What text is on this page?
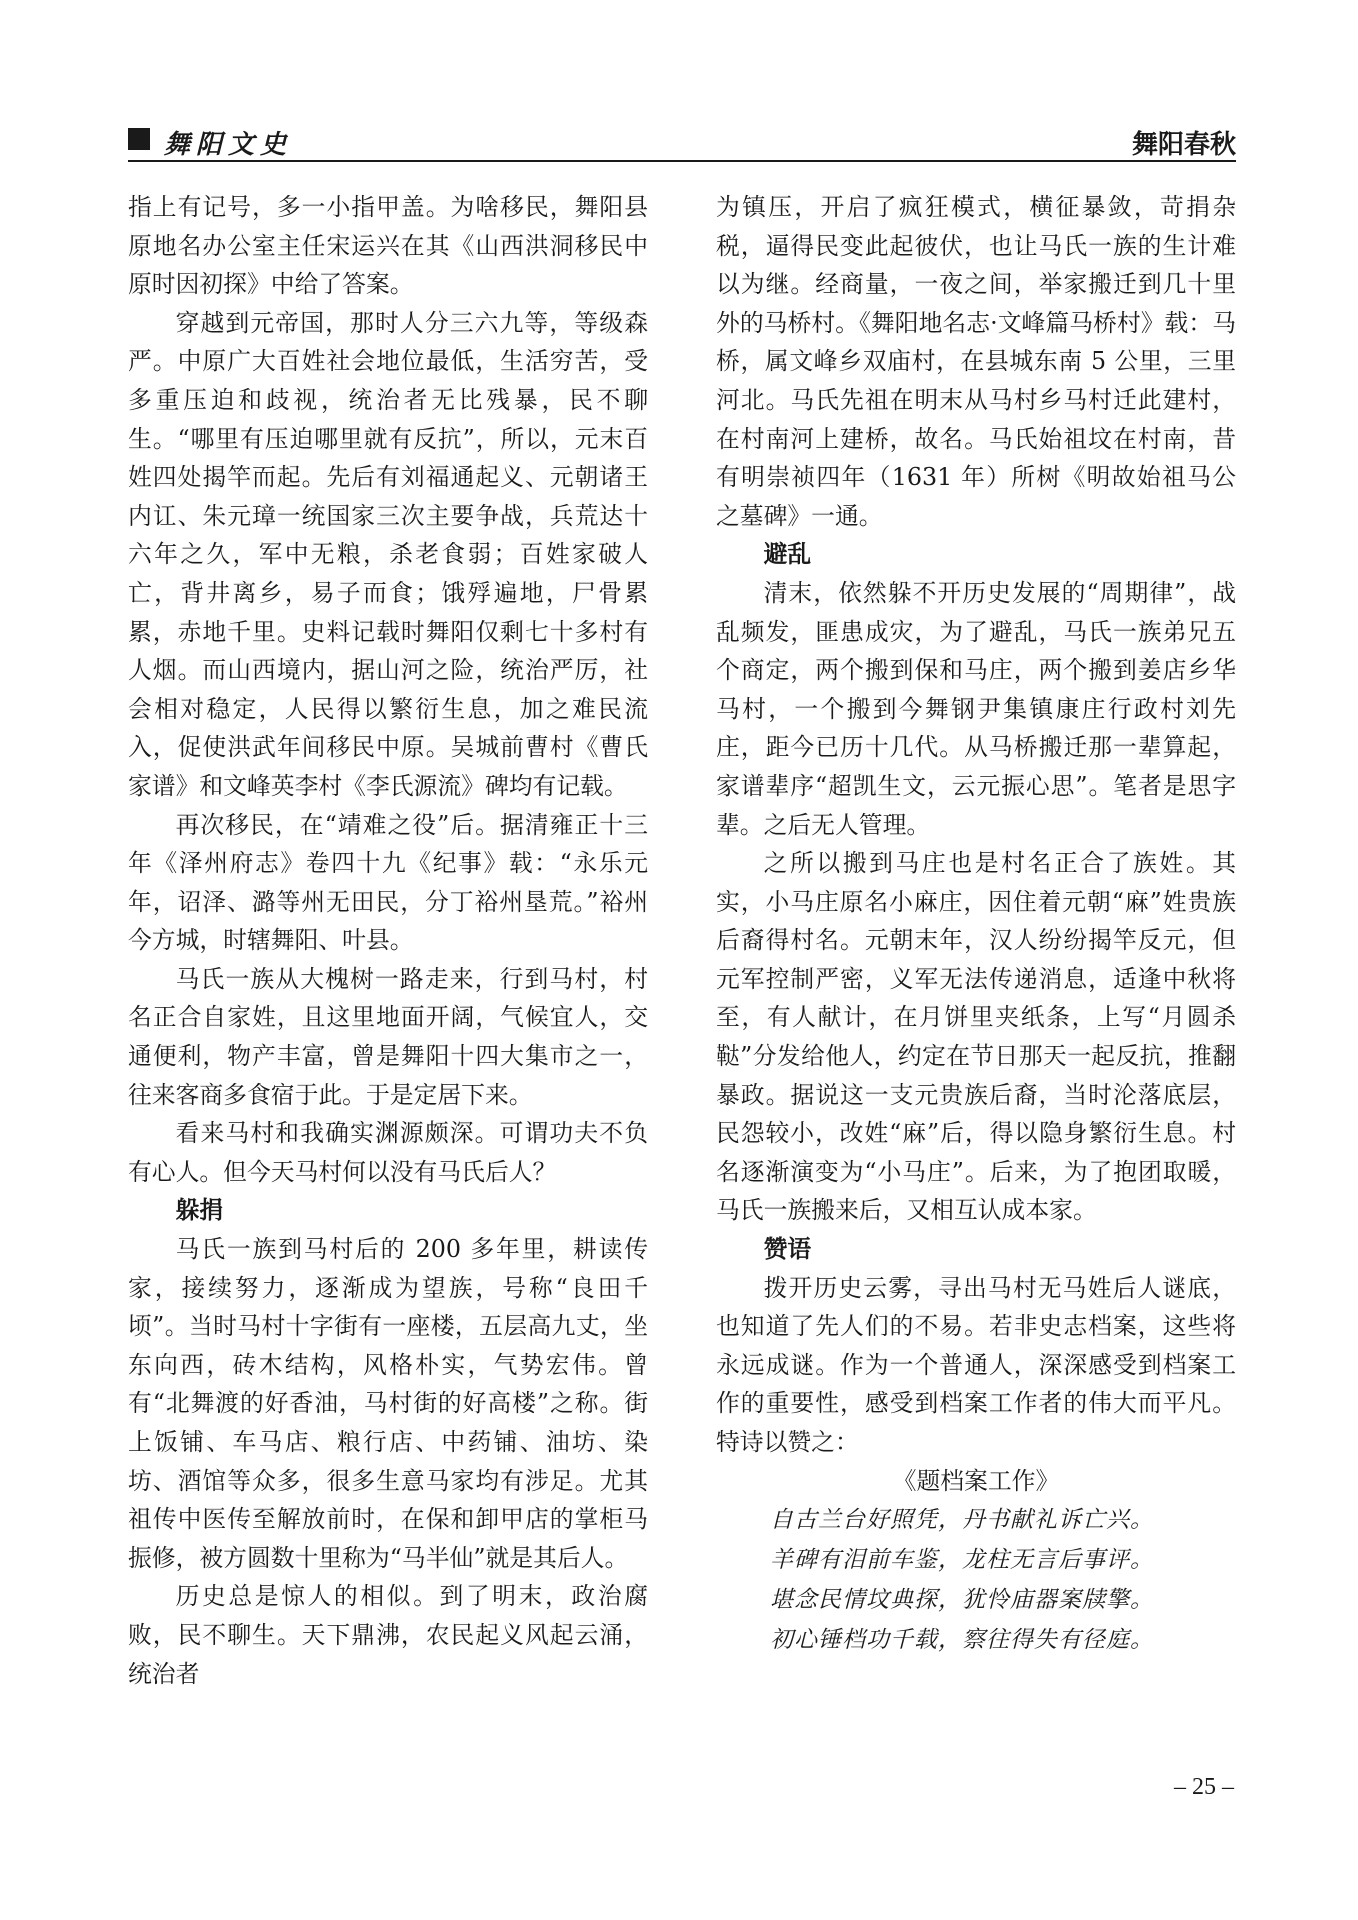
舞阳文史	舞阳春秋

指上有记号，多一小指甲盖。为啥移民，舞阳县原地名办公室主任宋运兴在其《山西洪洞移民中原时因初探》中给了答案。

穿越到元帝国，那时人分三六九等，等级森严。中原广大百姓社会地位最低，生活穷苦，受多重压迫和歧视，统治者无比残暴，民不聊生。“哪里有压迫哪里就有反抗”，所以，元末百姓四处揭竿而起。先后有刘福通起义、元朝诸王内讧、朱元璋一统国家三次主要争战，兵荒达十六年之久，军中无粮，杀老食弱；百姓家破人亡，背井离乡，易子而食；饿殍遍地，尸骨累累，赤地千里。史料记载时舞阳仅剩七十多村有人烟。而山西境内，据山河之险，统治严厉，社会相对稳定，人民得以繁衍生息，加之难民流入，促使洪武年间移民中原。吴城前曹村《曹氏家谱》和文峰英李村《李氏源流》碑均有记载。

再次移民，在“靖难之役”后。据清雍正十三年《泽州府志》卷四十九《纪事》载：“永乐元年，诏泽、潞等州无田民，分丁裕州垦荒。”裕州今方城，时辖舞阳、叶县。

马氏一族从大槐树一路走来，行到马村，村名正合自家姓，且这里地面开阔，气候宜人，交通便利，物产丰富，曾是舞阳十四大集市之一，往来客商多食宿于此。于是定居下来。

看来马村和我确实渊源颇深。可谓功夫不负有心人。但今天马村何以没有马氏后人？

躲捐

马氏一族到马村后的 200 多年里，耕读传家，接续努力，逐渐成为望族，号称“良田千顷”。当时马村十字街有一座楼，五层高九丈，坐东向西，砖木结构，风格朴实，气势宏伟。曾有“北舞渡的好香油，马村街的好高楼”之称。街上饭铺、车马店、粮行店、中药铺、油坊、染坊、酒馆等众多，很多生意马家均有涉足。尤其祖传中医传至解放前时，在保和卸甲店的掌柜马振修，被方圆数十里称为“马半仙”就是其后人。

历史总是惊人的相似。到了明末，政治腐败，民不聊生。天下鼎沸，农民起义风起云涌，统治者

为镇压，开启了疯狂模式，横征暴敛，苛捐杂税，逼得民变此起彼伏，也让马氏一族的生计难以为继。经商量，一夜之间，举家搬迁到几十里外的马桥村。《舞阳地名志·文峰篇马桥村》载：马桥，属文峰乡双庙村，在县城东南 5 公里，三里河北。马氏先祖在明末从马村乡马村迁此建村，在村南河上建桥，故名。马氏始祖坟在村南，昔有明崇祯四年（1631 年）所树《明故始祖马公之墓碑》一通。

避乱

清末，依然躲不开历史发展的“周期律”，战乱频发，匪患成灾，为了避乱，马氏一族弟兄五个商定，两个搬到保和马庄，两个搬到姜店乡华马村，一个搬到今舞钢尹集镇康庄行政村刘先庄，距今已历十几代。从马桥搬迁那一辈算起，家谱辈序“超凯生文，云元振心思”。笔者是思字辈。之后无人管理。

之所以搬到马庄也是村名正合了族姓。其实，小马庄原名小麻庄，因住着元朝“麻”姓贵族后裔得村名。元朝末年，汉人纷纷揭竿反元，但元军控制严密，义军无法传递消息，适逢中秋将至，有人献计，在月饼里夹纸条，上写“月圆杀鞑”分发给他人，约定在节日那天一起反抗，推翻暴政。据说这一支元贵族后裔，当时沦落底层，民怨较小，改姓“麻”后，得以隐身繁衍生息。村名逐渐演变为“小马庄”。后来，为了抱团取暖，马氏一族搬来后，又相互认成本家。

赞语

拨开历史云雾，寻出马村无马姓后人谜底，也知道了先人们的不易。若非史志档案，这些将永远成谜。作为一个普通人，深深感受到档案工作的重要性，感受到档案工作者的伟大而平凡。特诗以赞之：

《题档案工作》

自古兰台好照凭，丹书献礼诉亡兴。

羊碑有泪前车鉴，龙柱无言后事评。

堪念民情坟典探，犹怜庙器案牍擎。

初心锤档功千载，察往得失有径庭。

– 25 –
